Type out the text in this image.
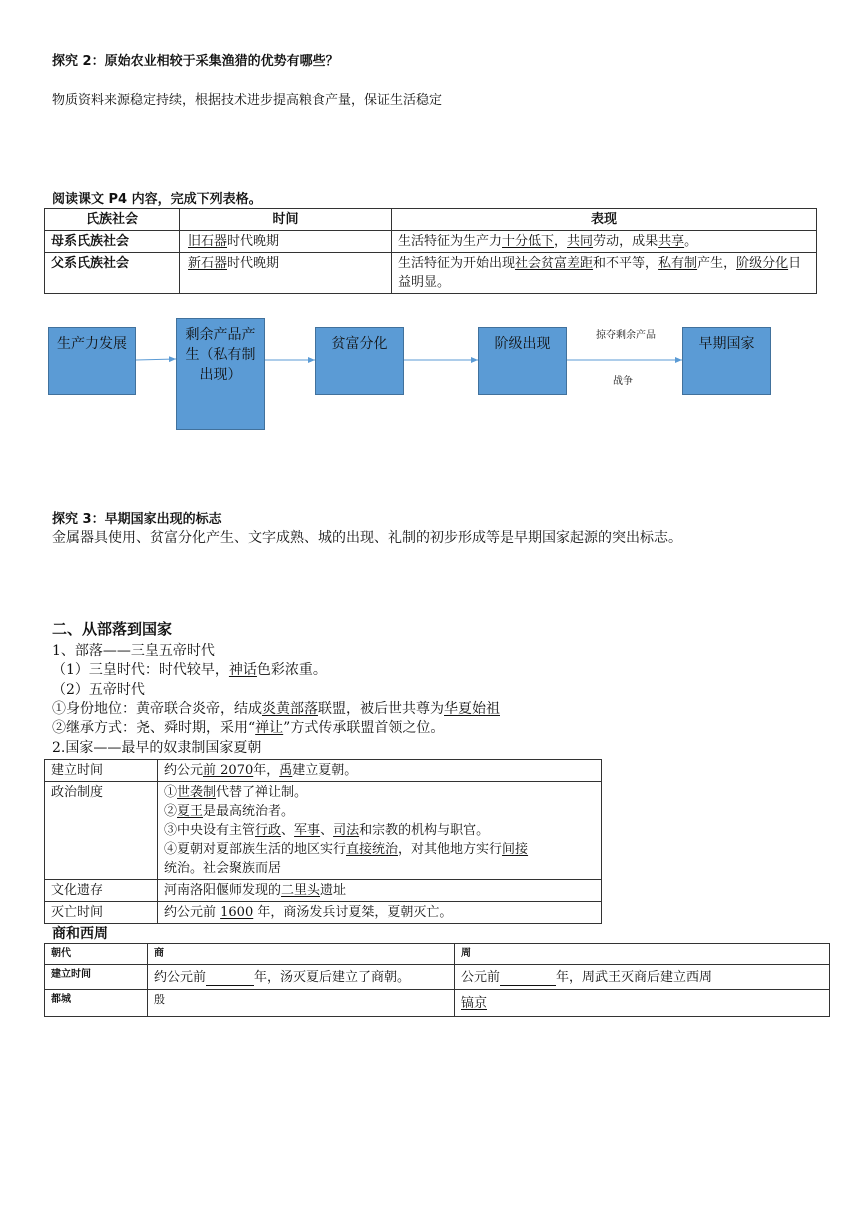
探究 2：原始农业相较于采集渔猎的优势有哪些？
物质资料来源稳定持续，根据技术进步提高粮食产量，保证生活稳定
阅读课文 P4 内容，完成下列表格。
氏族社会	时间	表现
母系氏族社会	旧石器时代晚期	生活特征为生产力十分低下，共同劳动，成果共享。
父系氏族社会	新石器时代晚期	生活特征为开始出现社会贫富差距和不平等，私有制产生，阶级分化日益明显。
生产力发展
剩余产品产生（私有制出现）
贫富分化	阶级出现	早期国家
掠夺剩余产品
战争
探究 3：早期国家出现的标志
金属器具使用、贫富分化产生、文字成熟、城的出现、礼制的初步形成等是早期国家起源的突出标志。
二、从部落到国家
1、部落——三皇五帝时代
（1）三皇时代：时代较早，神话色彩浓重。
（2）五帝时代
①身份地位：黄帝联合炎帝，结成炎黄部落联盟，被后世共尊为华夏始祖
②继承方式：尧、舜时期，采用“禅让”方式传承联盟首领之位。
2.国家——最早的奴隶制国家夏朝
建立时间	约公元前 2070年，禹建立夏朝。
政治制度	①世袭制代替了禅让制。
②夏王是最高统治者。
③中央设有主管行政、军事、司法和宗教的机构与职官。
④夏朝对夏部族生活的地区实行直接统治，对其他地方实行间接
统治。社会聚族而居

文化遗存	河南洛阳偃师发现的二里头遗址
灭亡时间	约公元前 1600 年，商汤发兵讨夏桀，夏朝灭亡。
商和西周
朝代	商	周
建立时间	约公元前 年，汤灭夏后建立了商朝。	公元前 年，周武王灭商后建立西周
都城	殷	镐京
